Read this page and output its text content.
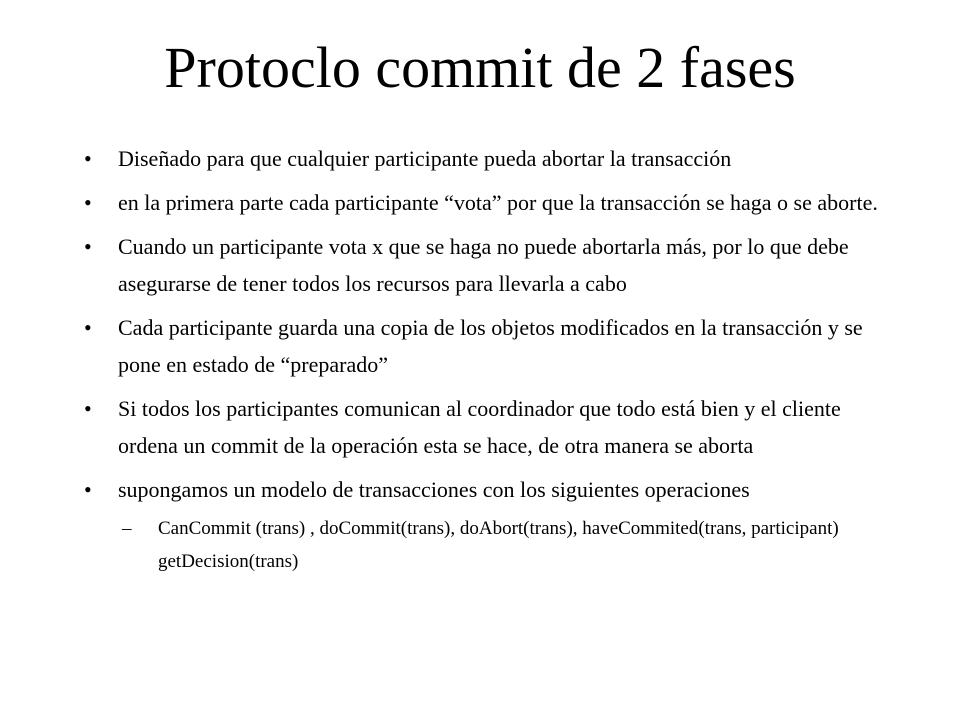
Protoclo commit de 2 fases
•	Diseñado para que cualquier participante pueda abortar la transacción
•	en la primera parte cada participante “vota” por que la transacción se haga o se aborte.
•	Cuando un participante vota x que se haga no puede abortarla más, por lo que debe asegurarse de tener todos los recursos para llevarla a cabo
•	Cada participante guarda una copia de los objetos modificados en la transacción y se pone en estado de “preparado”
•	Si todos los participantes comunican al coordinador que todo está bien y el cliente ordena un commit de la operación esta se hace, de otra manera se aborta
•	supongamos un modelo de transacciones con los siguientes operaciones
– CanCommit (trans) , doCommit(trans), doAbort(trans), haveCommited(trans, participant) getDecision(trans)
